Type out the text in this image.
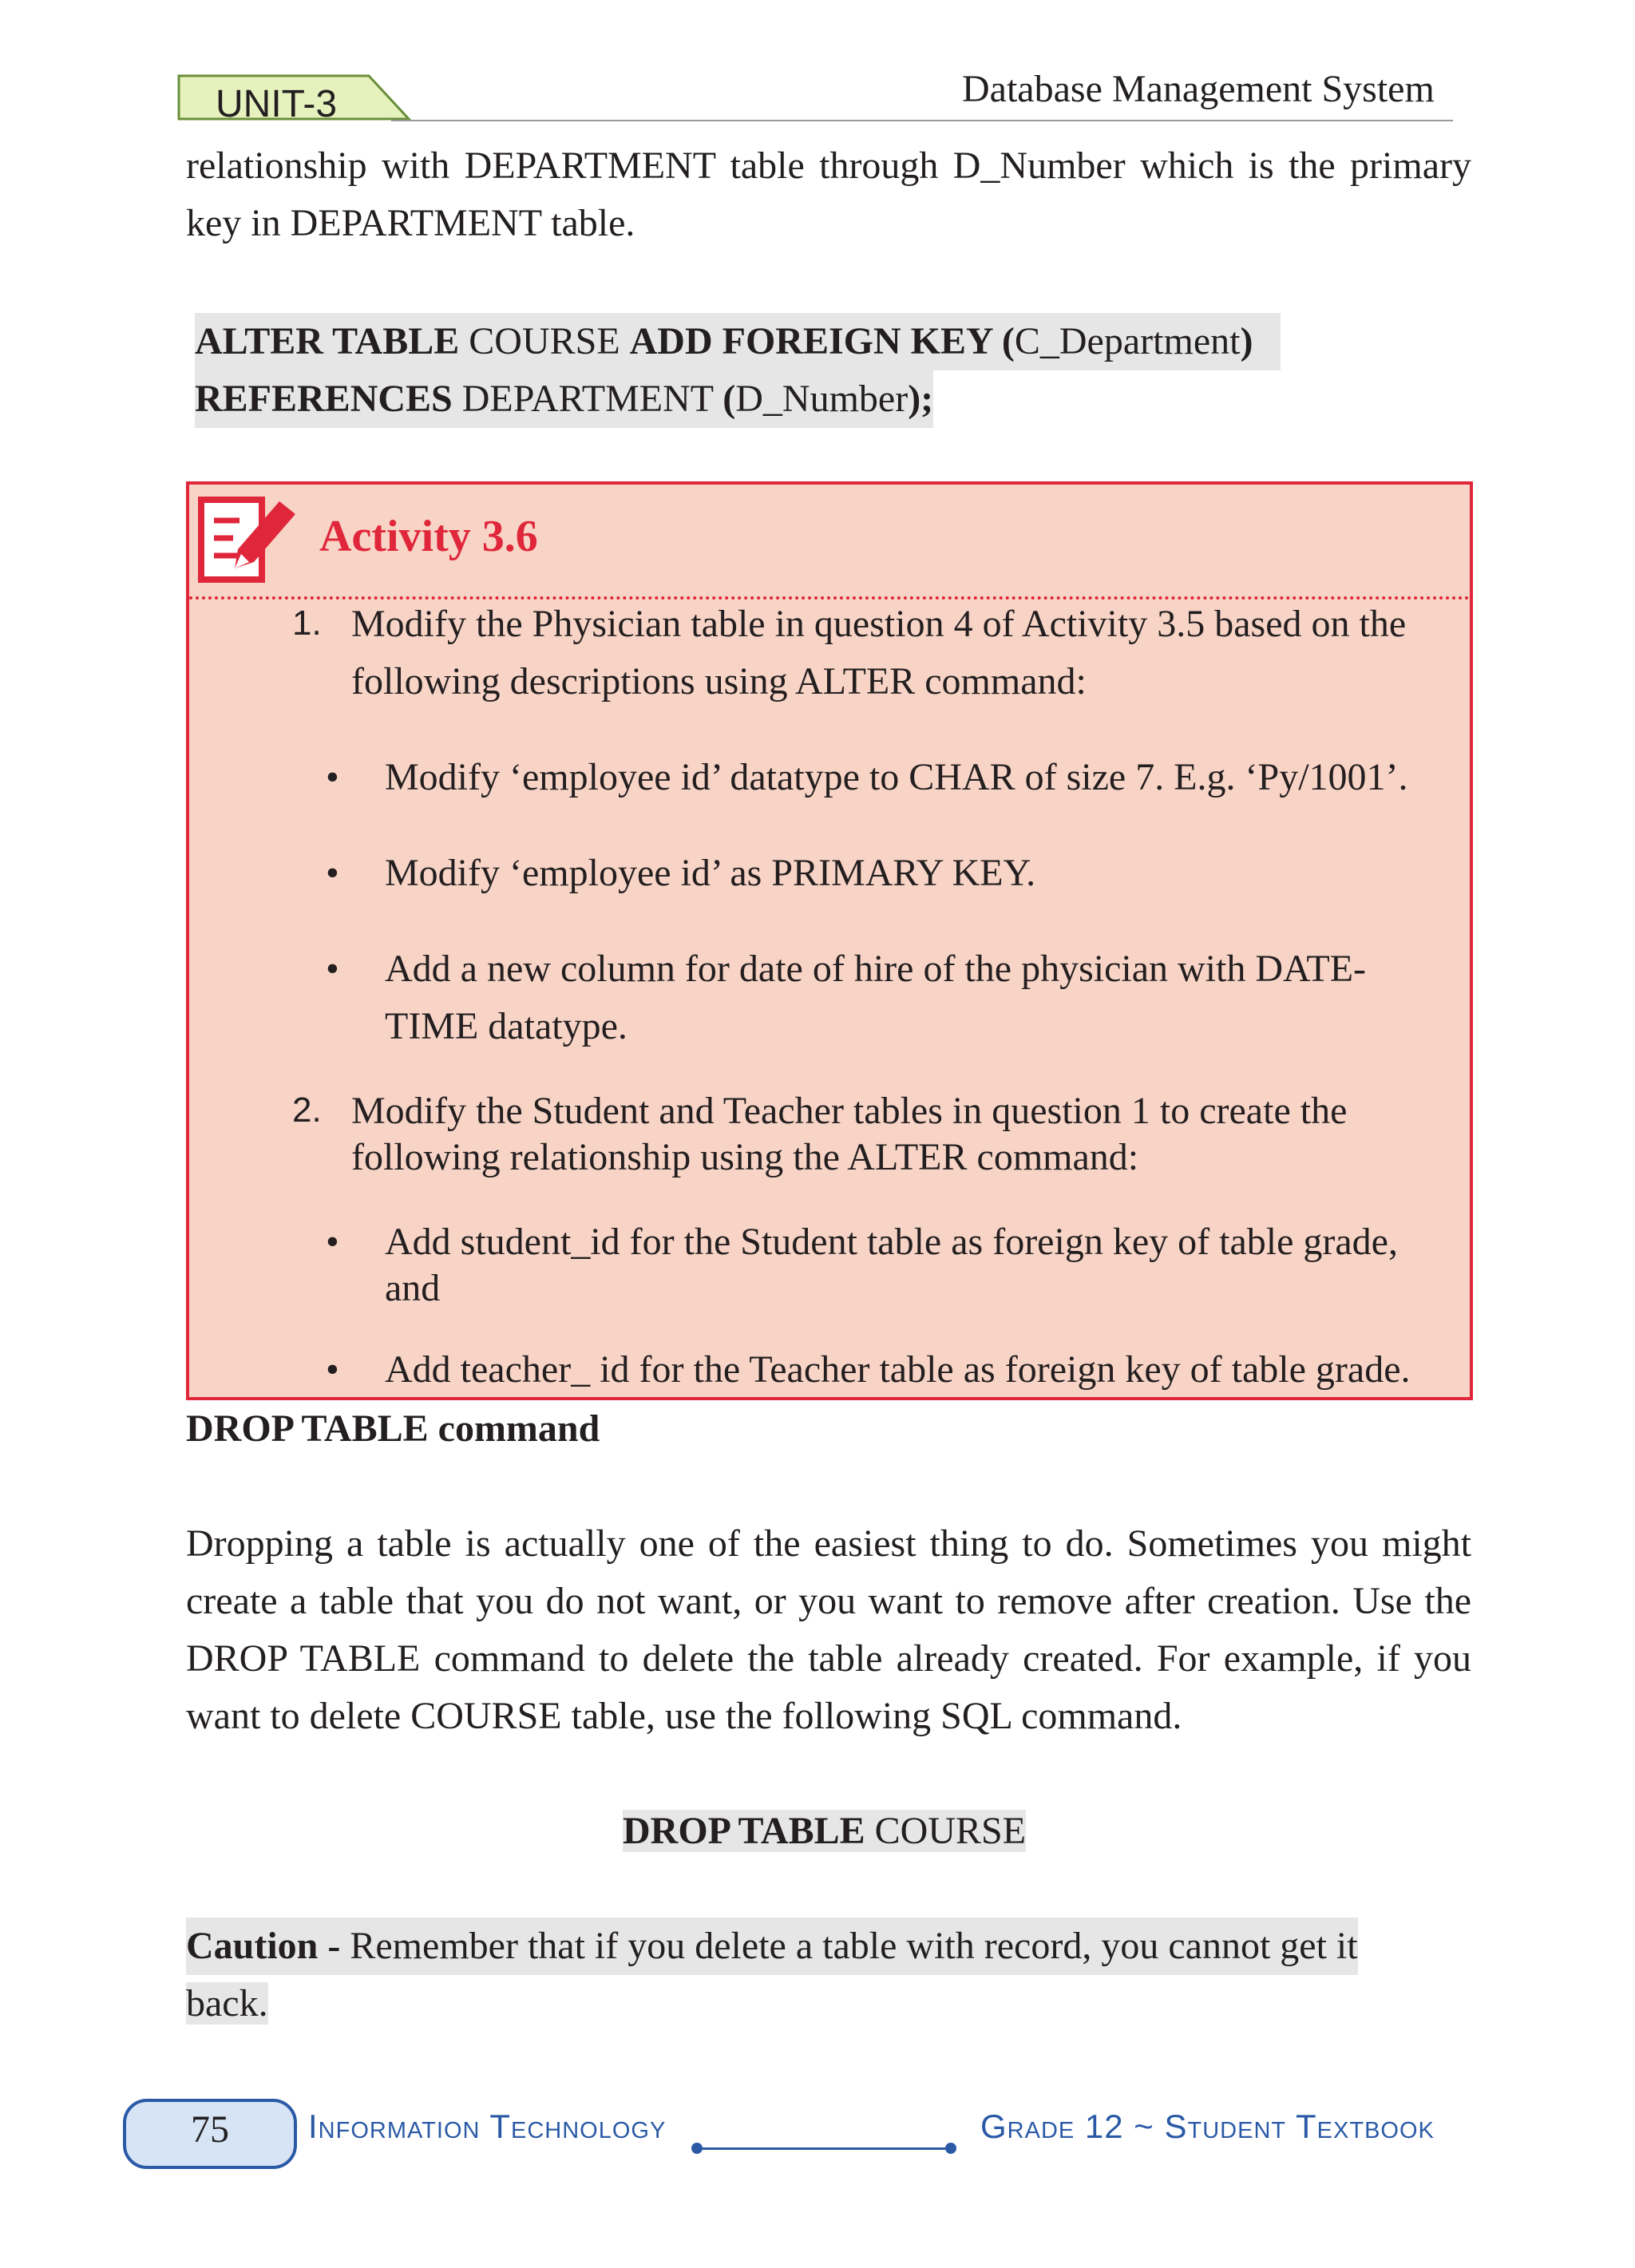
UNIT-3	Database Management System
relationship with DEPARTMENT table through D_Number which is the primary
key in DEPARTMENT table.
ALTER TABLE COURSE ADD FOREIGN KEY (C_Department)
REFERENCES DEPARTMENT (D_Number);
Activity 3.6
1. Modify the Physician table in question 4 of Activity 3.5 based on the
following descriptions using ALTER command:
• Modify ‘employee id’ datatype to CHAR of size 7. E.g. ‘Py/1001’.
• Modify ‘employee id’ as PRIMARY KEY.
• Add a new column for date of hire of the physician with DATE-
TIME datatype.
2. Modify the Student and Teacher tables in question 1 to create the
following relationship using the ALTER command:
• Add student_id for the Student table as foreign key of table grade,
and
• Add teacher_ id for the Teacher table as foreign key of table grade.
DROP TABLE command
Dropping a table is actually one of the easiest thing to do. Sometimes you might
create a table that you do not want, or you want to remove after creation. Use the
DROP TABLE command to delete the table already created. For example, if you
want to delete COURSE table, use the following SQL command.
DROP TABLE COURSE
Caution - Remember that if you delete a table with record, you cannot get it
back.
75	Information Technology	Grade 12 ~ Student Textbook
